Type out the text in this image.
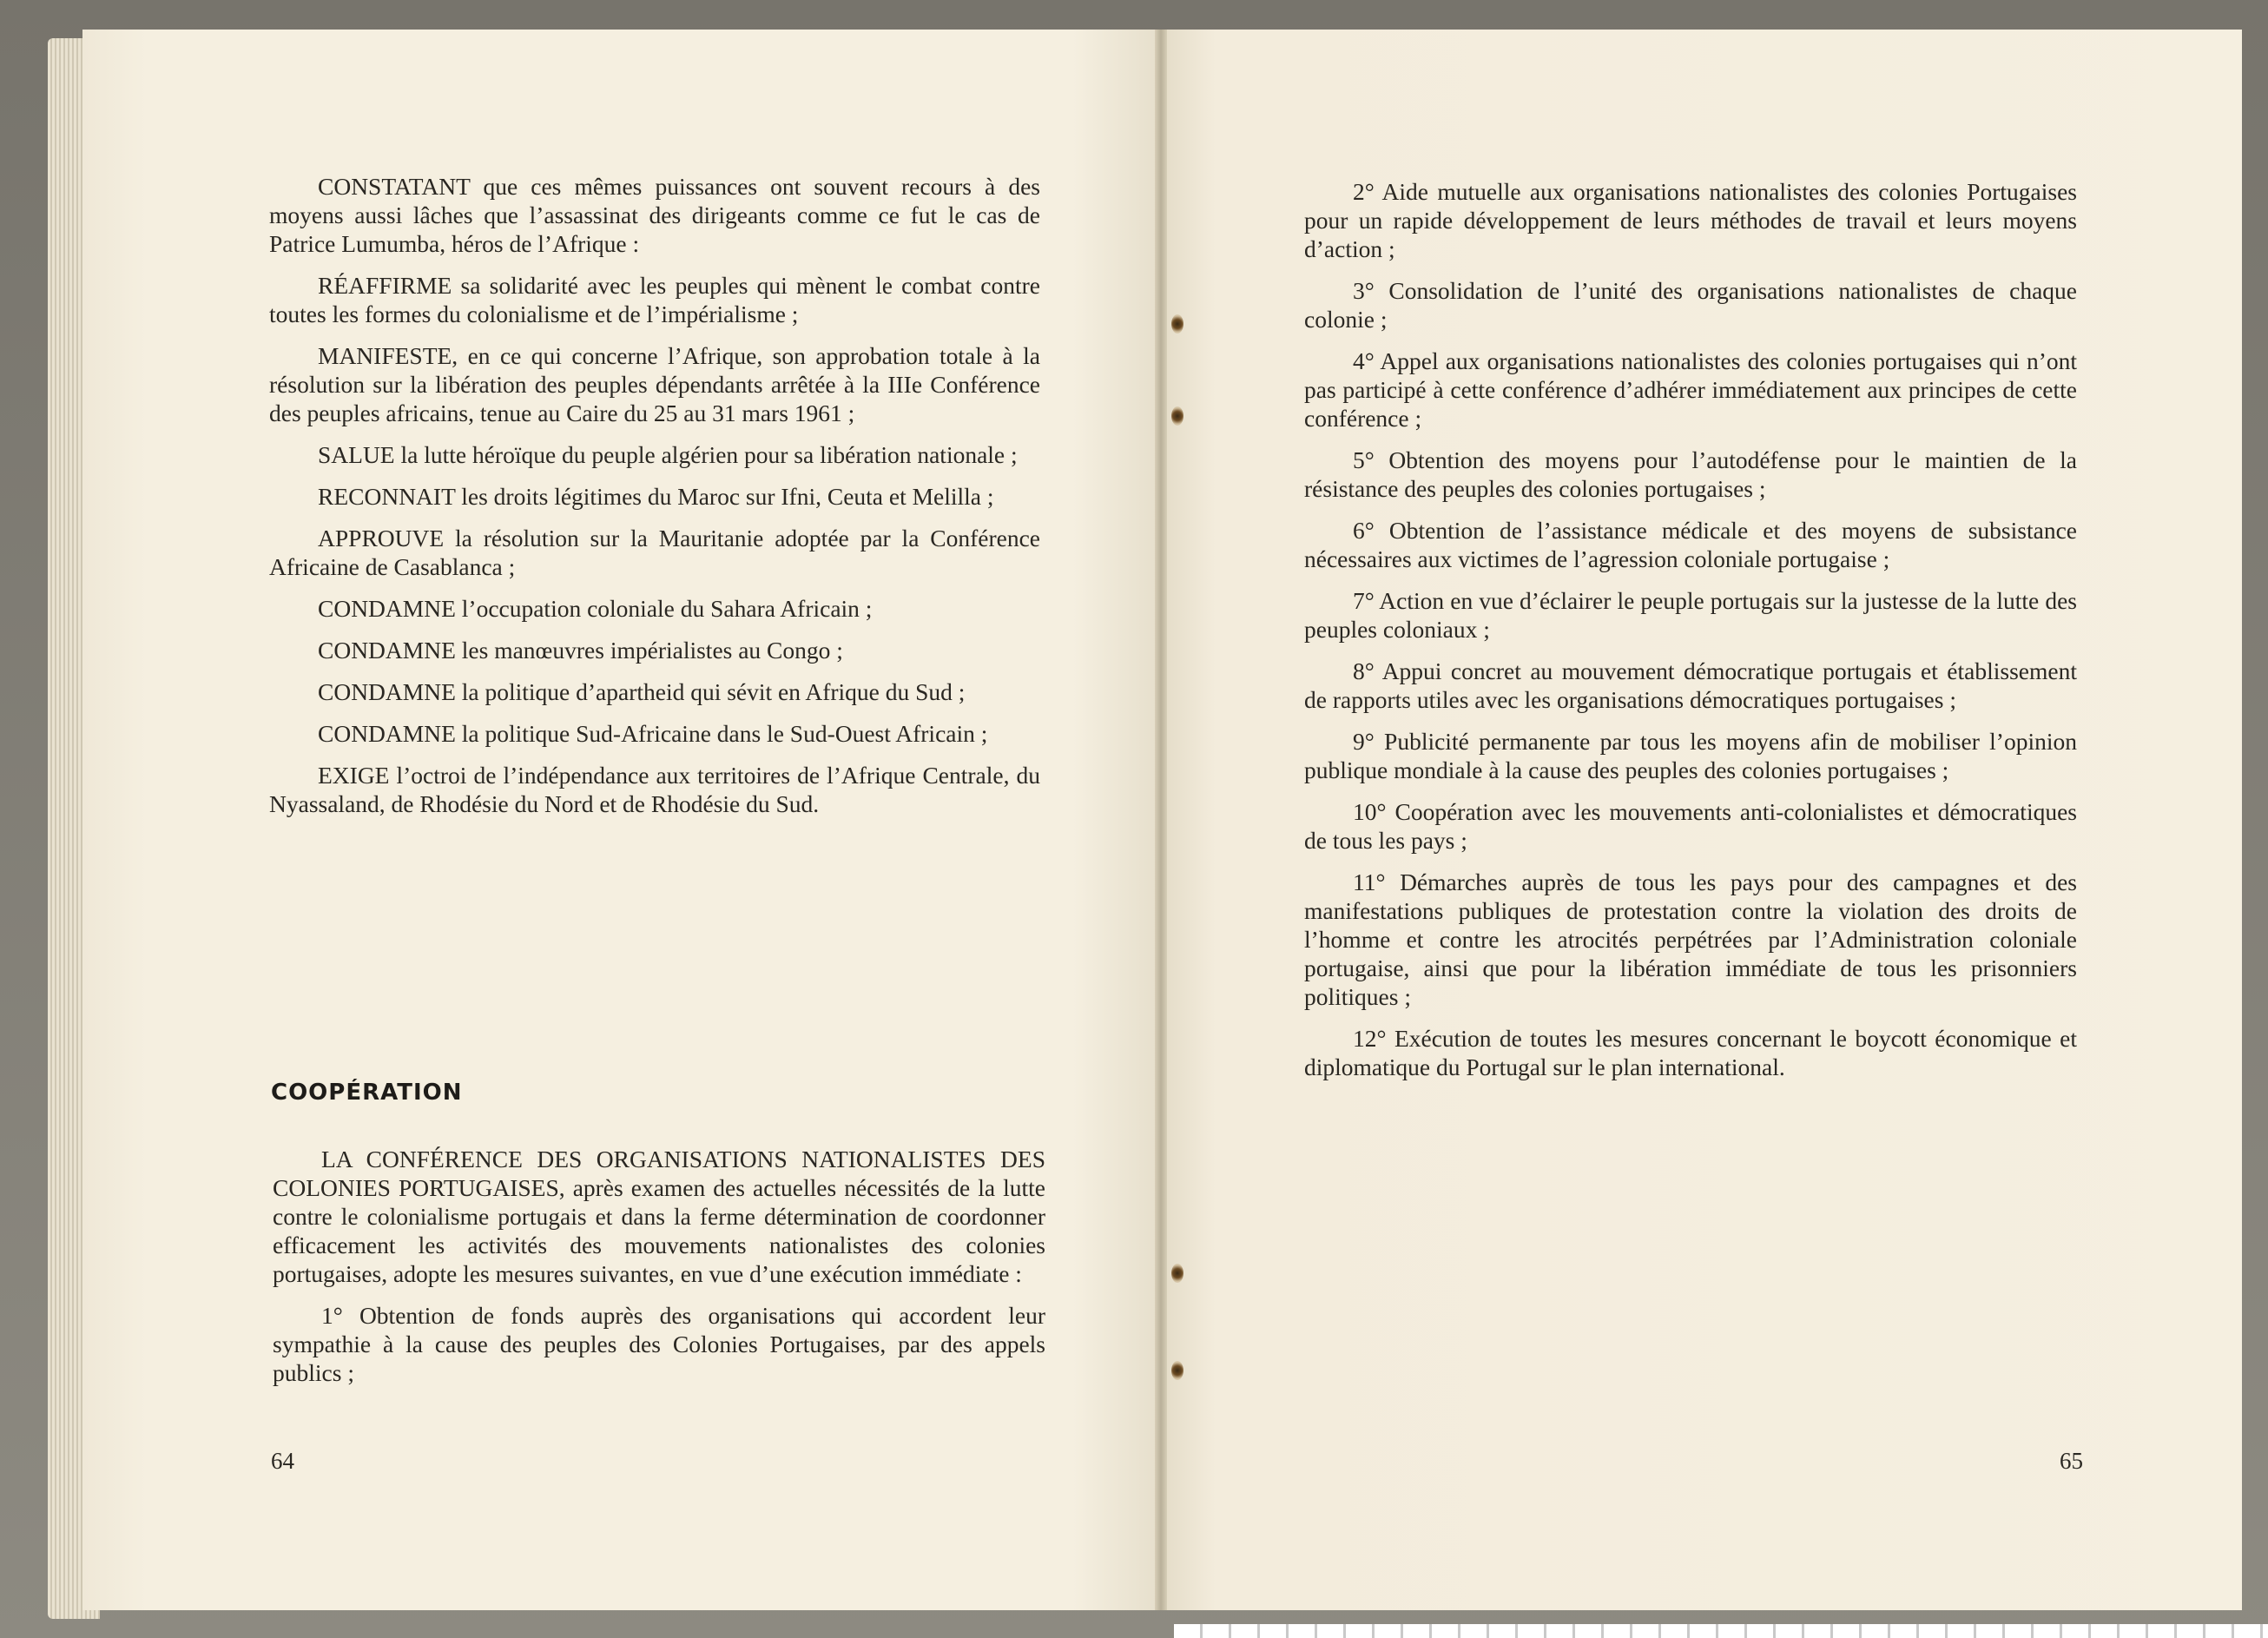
CONSTATANT que ces mêmes puissances ont souvent recours à des moyens aussi lâches que l’assassinat des dirigeants comme ce fut le cas de Patrice Lumumba, héros de l’Afrique :

RÉAFFIRME sa solidarité avec les peuples qui mènent le combat contre toutes les formes du colonialisme et de l’impérialisme ;

MANIFESTE, en ce qui concerne l’Afrique, son approbation totale à la résolution sur la libération des peuples dépendants arrêtée à la IIIe Conférence des peuples africains, tenue au Caire du 25 au 31 mars 1961 ;

SALUE la lutte héroïque du peuple algérien pour sa libération nationale ;

RECONNAIT les droits légitimes du Maroc sur Ifni, Ceuta et Melilla ;

APPROUVE la résolution sur la Mauritanie adoptée par la Conférence Africaine de Casablanca ;

CONDAMNE l’occupation coloniale du Sahara Africain ;

CONDAMNE les manœuvres impérialistes au Congo ;

CONDAMNE la politique d’apartheid qui sévit en Afrique du Sud ;

CONDAMNE la politique Sud-Africaine dans le Sud-Ouest Africain ;

EXIGE l’octroi de l’indépendance aux territoires de l’Afrique Centrale, du Nyassaland, de Rhodésie du Nord et de Rhodésie du Sud.

COOPÉRATION

LA CONFÉRENCE DES ORGANISATIONS NATIONALISTES DES COLONIES PORTUGAISES, après examen des actuelles nécessités de la lutte contre le colonialisme portugais et dans la ferme détermination de coordonner efficacement les activités des mouvements nationalistes des colonies portugaises, adopte les mesures suivantes, en vue d’une exécution immédiate :

1° Obtention de fonds auprès des organisations qui accordent leur sympathie à la cause des peuples des Colonies Portugaises, par des appels publics ;

64

2° Aide mutuelle aux organisations nationalistes des colonies Portugaises pour un rapide développement de leurs méthodes de travail et leurs moyens d’action ;

3° Consolidation de l’unité des organisations nationalistes de chaque colonie ;

4° Appel aux organisations nationalistes des colonies portugaises qui n’ont pas participé à cette conférence d’adhérer immédiatement aux principes de cette conférence ;

5° Obtention des moyens pour l’autodéfense pour le maintien de la résistance des peuples des colonies portugaises ;

6° Obtention de l’assistance médicale et des moyens de subsistance nécessaires aux victimes de l’agression coloniale portugaise ;

7° Action en vue d’éclairer le peuple portugais sur la justesse de la lutte des peuples coloniaux ;

8° Appui concret au mouvement démocratique portugais et établissement de rapports utiles avec les organisations démocratiques portugaises ;

9° Publicité permanente par tous les moyens afin de mobiliser l’opinion publique mondiale à la cause des peuples des colonies portugaises ;

10° Coopération avec les mouvements anti-colonialistes et démocratiques de tous les pays ;

11° Démarches auprès de tous les pays pour des campagnes et des manifestations publiques de protestation contre la violation des droits de l’homme et contre les atrocités perpétrées par l’Administration coloniale portugaise, ainsi que pour la libération immédiate de tous les prisonniers politiques ;

12° Exécution de toutes les mesures concernant le boycott économique et diplomatique du Portugal sur le plan international.

65
